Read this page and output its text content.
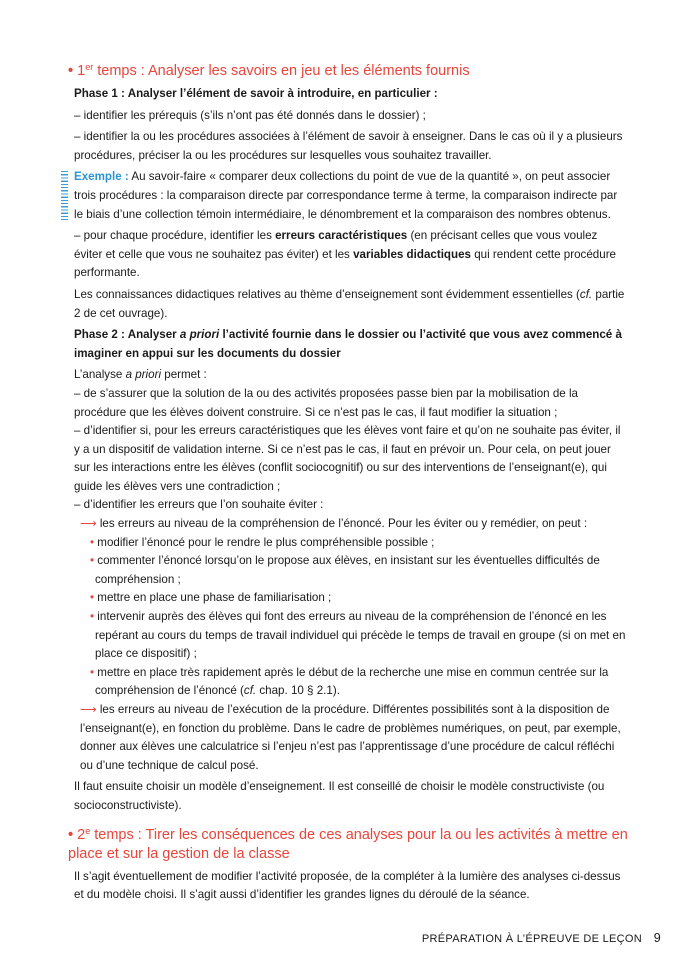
• 1er temps : Analyser les savoirs en jeu et les éléments fournis
Phase 1 : Analyser l’élément de savoir à introduire, en particulier :
– identifier les prérequis (s’ils n’ont pas été donnés dans le dossier) ;
– identifier la ou les procédures associées à l’élément de savoir à enseigner. Dans le cas où il y a plusieurs procédures, préciser la ou les procédures sur lesquelles vous souhaitez travailler.
Exemple : Au savoir-faire « comparer deux collections du point de vue de la quantité », on peut associer trois procédures : la comparaison directe par correspondance terme à terme, la comparaison indirecte par le biais d’une collection témoin intermédiaire, le dénombrement et la comparaison des nombres obtenus.
– pour chaque procédure, identifier les erreurs caractéristiques (en précisant celles que vous voulez éviter et celle que vous ne souhaitez pas éviter) et les variables didactiques qui rendent cette procédure performante.
Les connaissances didactiques relatives au thème d’enseignement sont évidemment essentielles (cf. partie 2 de cet ouvrage).
Phase 2 : Analyser a priori l’activité fournie dans le dossier ou l’activité que vous avez commencé à imaginer en appui sur les documents du dossier
L’analyse a priori permet :
– de s’assurer que la solution de la ou des activités proposées passe bien par la mobilisation de la procédure que les élèves doivent construire. Si ce n’est pas le cas, il faut modifier la situation ;
– d’identifier si, pour les erreurs caractéristiques que les élèves vont faire et qu’on ne souhaite pas éviter, il y a un dispositif de validation interne. Si ce n’est pas le cas, il faut en prévoir un. Pour cela, on peut jouer sur les interactions entre les élèves (conflit sociocognitif) ou sur des interventions de l’enseignant(e), qui guide les élèves vers une contradiction ;
– d’identifier les erreurs que l’on souhaite éviter :
⟶ les erreurs au niveau de la compréhension de l’énoncé. Pour les éviter ou y remédier, on peut :
• modifier l’énoncé pour le rendre le plus compréhensible possible ;
• commenter l’énoncé lorsqu’on le propose aux élèves, en insistant sur les éventuelles difficultés de compréhension ;
• mettre en place une phase de familiarisation ;
• intervenir auprès des élèves qui font des erreurs au niveau de la compréhension de l’énoncé en les repérant au cours du temps de travail individuel qui précède le temps de travail en groupe (si on met en place ce dispositif) ;
• mettre en place très rapidement après le début de la recherche une mise en commun centrée sur la compréhension de l’énoncé (cf. chap. 10 § 2.1).
⟶ les erreurs au niveau de l’exécution de la procédure. Différentes possibilités sont à la disposition de l’enseignant(e), en fonction du problème. Dans le cadre de problèmes numériques, on peut, par exemple, donner aux élèves une calculatrice si l’enjeu n’est pas l’apprentissage d’une procédure de calcul réfléchi ou d’une technique de calcul posé.
Il faut ensuite choisir un modèle d’enseignement. Il est conseillé de choisir le modèle constructiviste (ou socioconstructiviste).
• 2e temps : Tirer les conséquences de ces analyses pour la ou les activités à mettre en place et sur la gestion de la classe
Il s’agit éventuellement de modifier l’activité proposée, de la compléter à la lumière des analyses ci-dessus et du modèle choisi. Il s’agit aussi d’identifier les grandes lignes du déroulé de la séance.
PRÉPARATION À L’ÉPREUVE DE LEÇON 9
